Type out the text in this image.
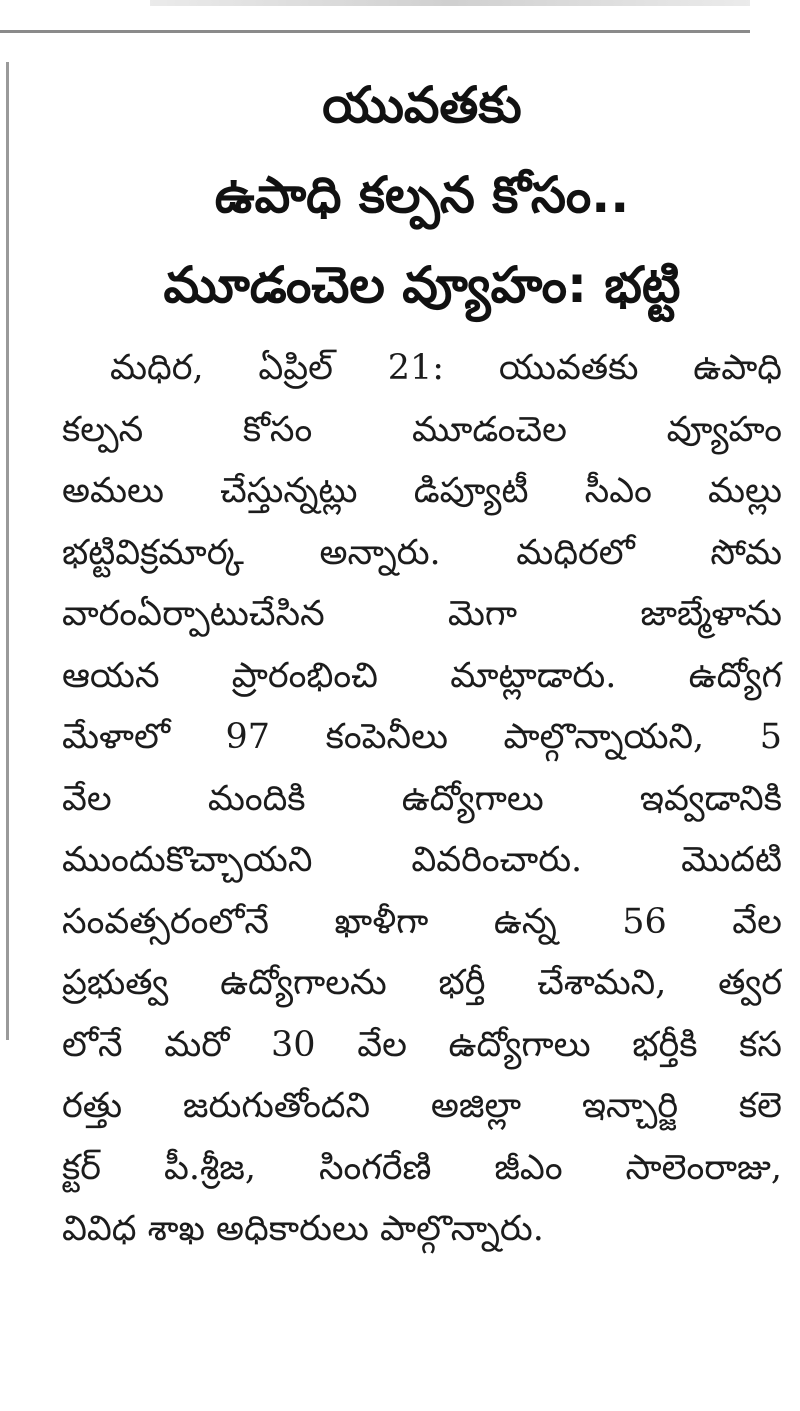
యువతకు
ఉపాధి కల్పన కోసం..
మూడంచెల వ్యూహం: భట్టి

మధిర, ఏప్రిల్ 21: యువతకు ఉపాధి
కల్పన కోసం మూడంచెల వ్యూహం
అమలు చేస్తున్నట్లు డిప్యూటీ సీఎం మల్లు
భట్టివిక్రమార్క అన్నారు. మధిరలో సోమ
వారంఏర్పాటుచేసిన మెగా జాబ్మేళాను
ఆయన ప్రారంభించి మాట్లాడారు. ఉద్యోగ
మేళాలో 97 కంపెనీలు పాల్గొన్నాయని, 5
వేల మందికి ఉద్యోగాలు ఇవ్వడానికి
ముందుకొచ్చాయని వివరించారు. మొదటి
సంవత్సరంలోనే ఖాళీగా ఉన్న 56 వేల
ప్రభుత్వ ఉద్యోగాలను భర్తీ చేశామని, త్వర
లోనే మరో 30 వేల ఉద్యోగాలు భర్తీకి కస
రత్తు జరుగుతోందని అజిల్లా ఇన్చార్జి కలె
క్టర్ పీ.శ్రీజ, సింగరేణి జీఎం సాలెంరాజు,
వివిధ శాఖ అధికారులు పాల్గొన్నారు.
